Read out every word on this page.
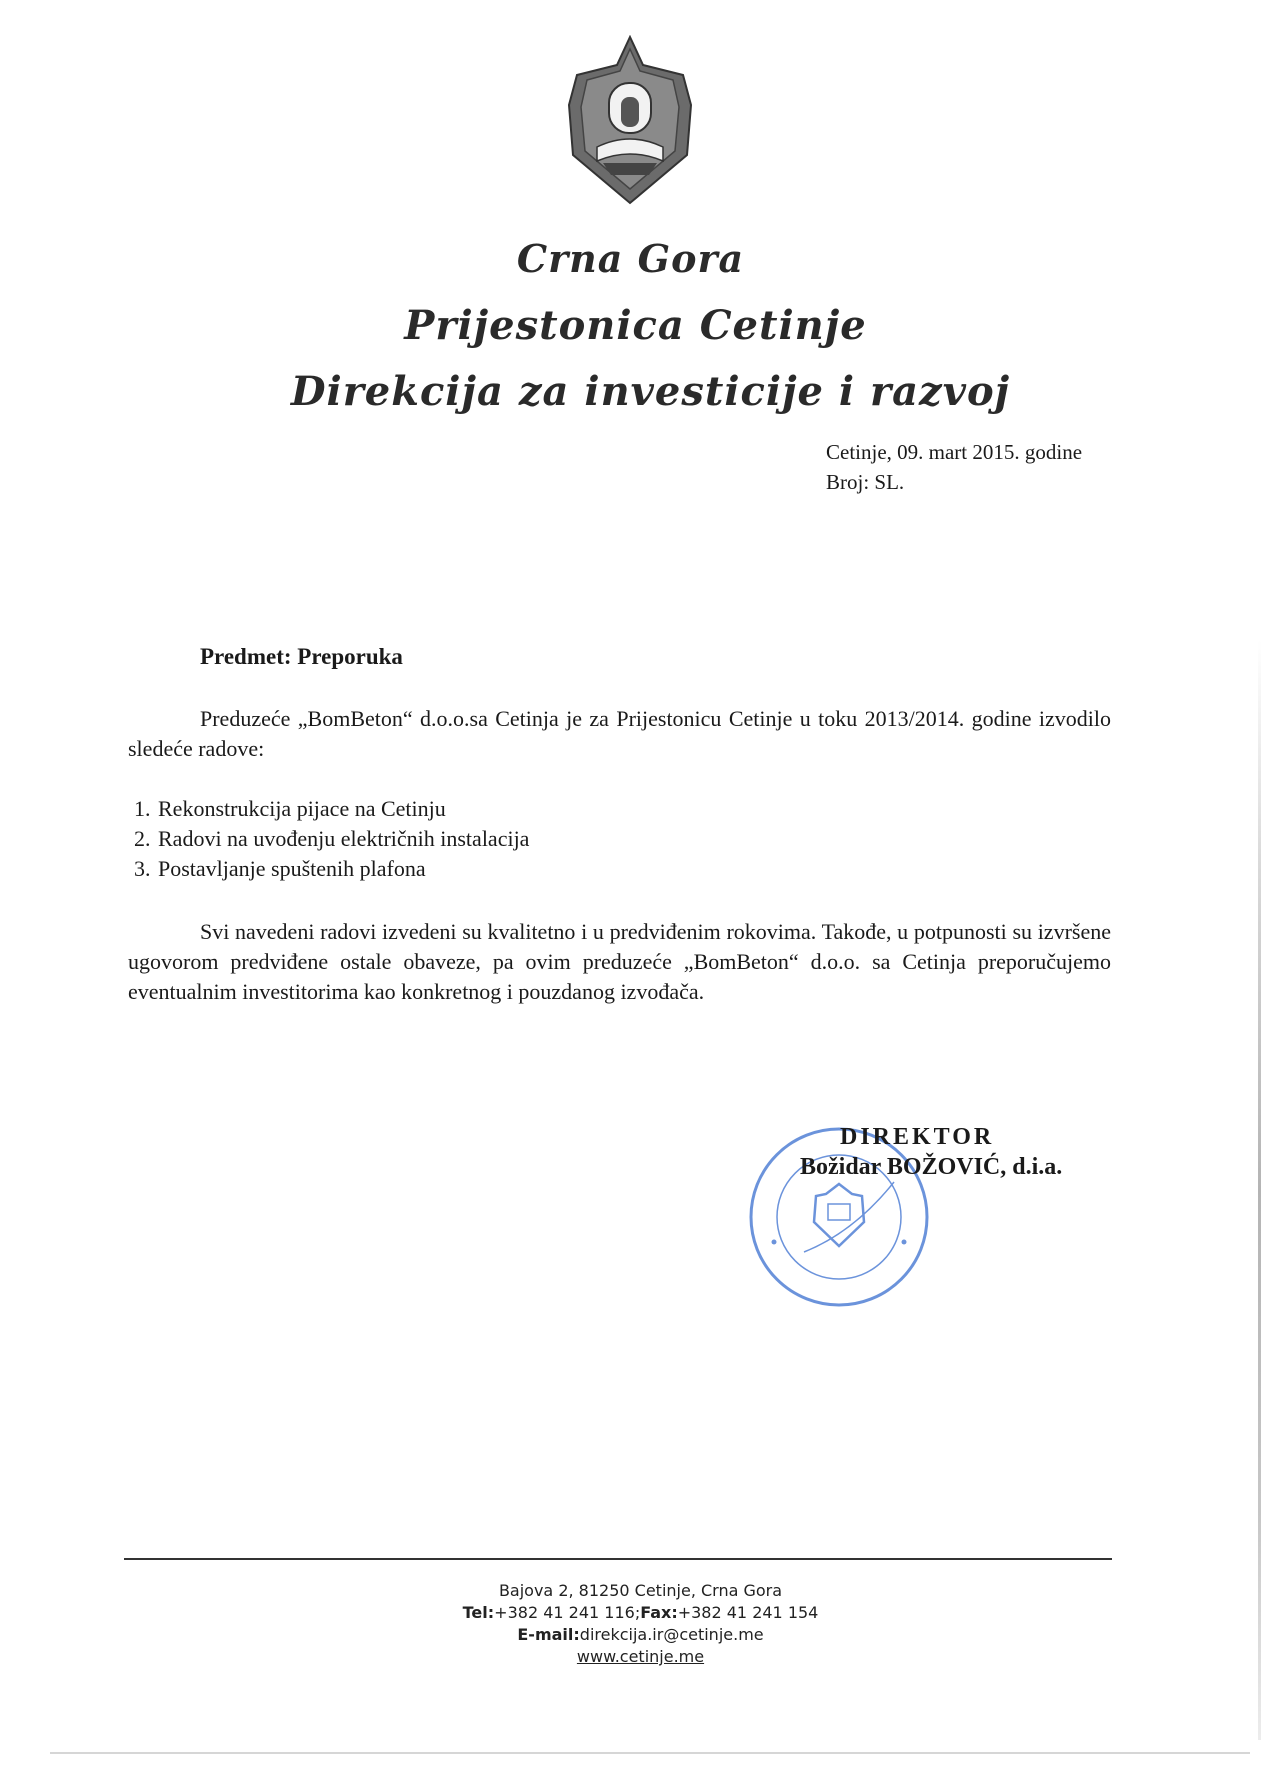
Crna Gora
Prijestonica Cetinje
Direkcija za investicije i razvoj
Cetinje, 09. mart 2015. godine
Broj: SL.
Predmet: Preporuka
Preduzeće „BomBeton“ d.o.o.sa Cetinja je za Prijestonicu Cetinje u toku 2013/2014. godine izvodilo sledeće radove:
1. Rekonstrukcija pijace na Cetinju
2. Radovi na uvođenju električnih instalacija
3. Postavljanje spuštenih plafona
Svi navedeni radovi izvedeni su kvalitetno i u predviđenim rokovima. Takođe, u potpunosti su izvršene ugovorom predviđene ostale obaveze, pa ovim preduzeće „BomBeton“ d.o.o. sa Cetinja preporučujemo eventualnim investitorima kao konkretnog i pouzdanog izvođača.
DIREKTOR
Božidar BOŽOVIĆ, d.i.a.
Bajova 2, 81250 Cetinje, Crna Gora
Tel:+382 41 241 116;Fax:+382 41 241 154
E-mail:direkcija.ir@cetinje.me
www.cetinje.me
